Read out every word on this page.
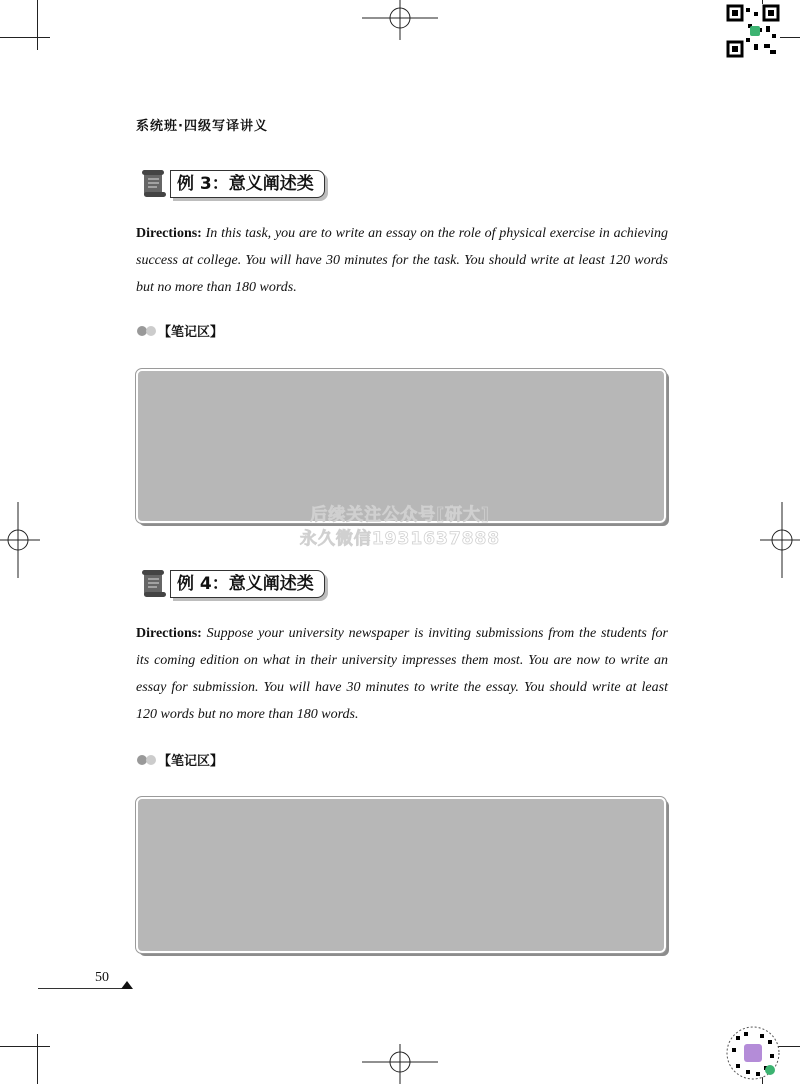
系统班·四级写译讲义
例 3：意义阐述类
Directions: In this task, you are to write an essay on the role of physical exercise in achieving success at college. You will have 30 minutes for the task. You should write at least 120 words but no more than 180 words.
【笔记区】
后续关注公众号[研大]
永久微信1931637888
例 4：意义阐述类
Directions: Suppose your university newspaper is inviting submissions from the students for its coming edition on what in their university impresses them most. You are now to write an essay for submission. You will have 30 minutes to write the essay. You should write at least 120 words but no more than 180 words.
【笔记区】
50
